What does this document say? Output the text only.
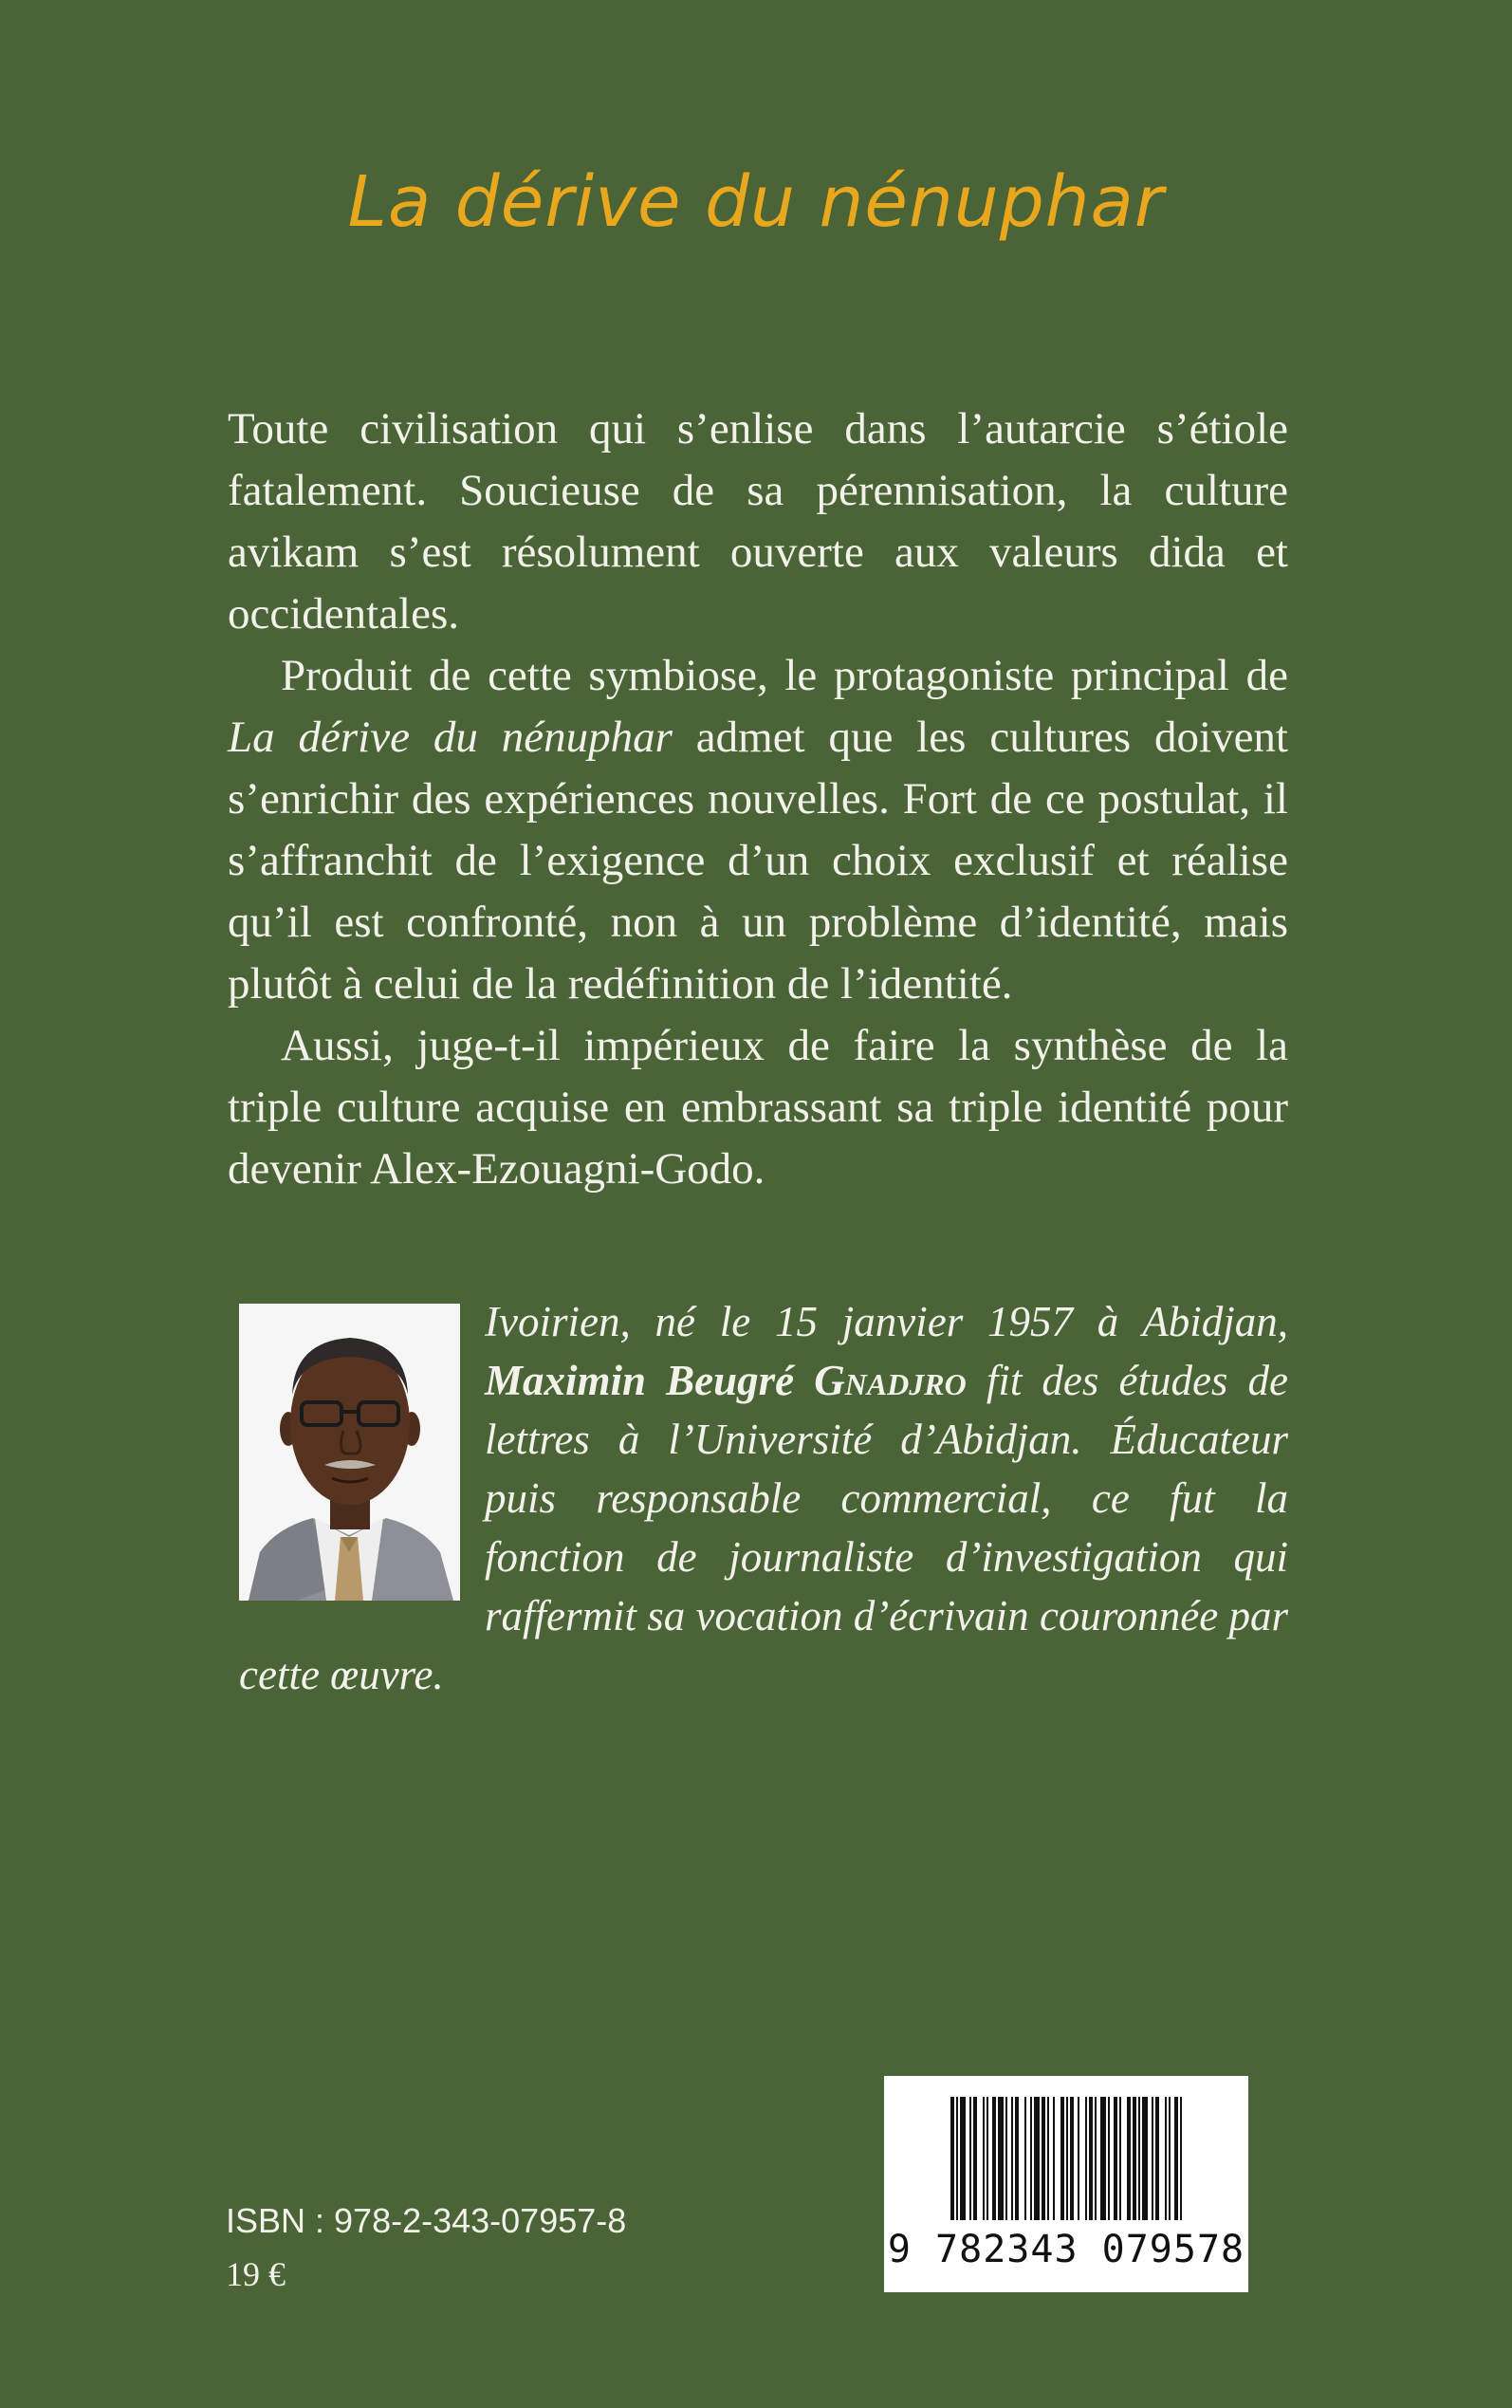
La dérive du nénuphar

Toute civilisation qui s’enlise dans l’autarcie s’étiole fatalement. Soucieuse de sa pérennisation, la culture avikam s’est résolument ouverte aux valeurs dida et occidentales.

Produit de cette symbiose, le protagoniste principal de La dérive du nénuphar admet que les cultures doivent s’enrichir des expériences nouvelles. Fort de ce postulat, il s’affranchit de l’exigence d’un choix exclusif et réalise qu’il est confronté, non à un problème d’identité, mais plutôt à celui de la redéfinition de l’identité.

Aussi, juge-t-il impérieux de faire la synthèse de la triple culture acquise en embrassant sa triple identité pour devenir Alex-Ezouagni-Godo.

Ivoirien, né le 15 janvier 1957 à Abidjan, Maximin Beugré Gnadjro fit des études de lettres à l’Université d’Abidjan. Éducateur puis responsable commercial, ce fut la fonction de journaliste d’investigation qui raffermit sa vocation d’écrivain couronnée par cette œuvre.

ISBN : 978-2-343-07957-8
19 €
9 782343 079578
